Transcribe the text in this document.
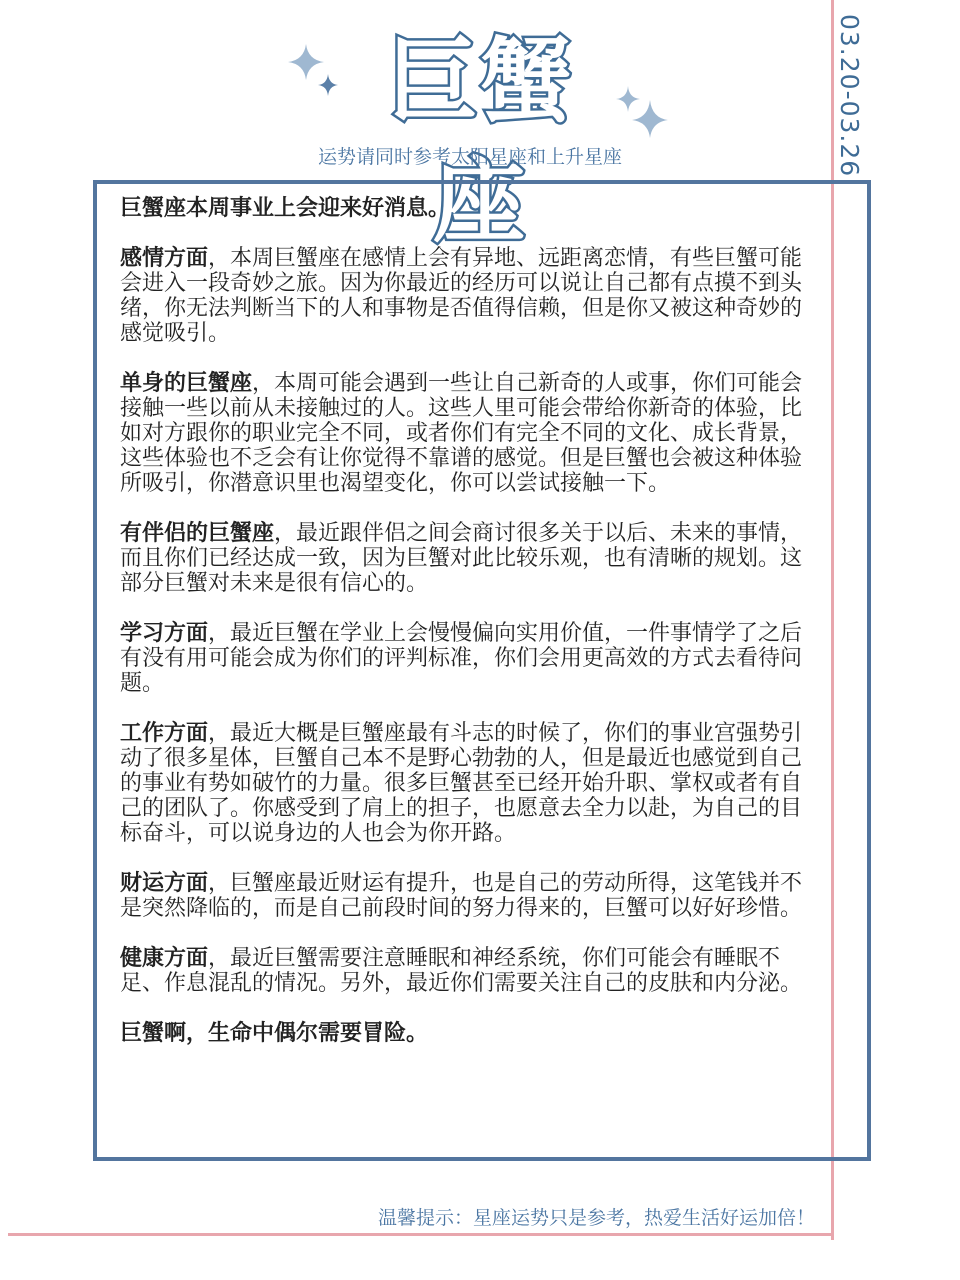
巨蟹座
运势请同时参考太阳星座和上升星座	03.20-03.26

巨蟹座本周事业上会迎来好消息。

感情方面，本周巨蟹座在感情上会有异地、远距离恋情，有些巨蟹可能会进入一段奇妙之旅。因为你最近的经历可以说让自己都有点摸不到头绪，你无法判断当下的人和事物是否值得信赖，但是你又被这种奇妙的感觉吸引。

单身的巨蟹座，本周可能会遇到一些让自己新奇的人或事，你们可能会接触一些以前从未接触过的人。这些人里可能会带给你新奇的体验，比如对方跟你的职业完全不同，或者你们有完全不同的文化、成长背景，这些体验也不乏会有让你觉得不靠谱的感觉。但是巨蟹也会被这种体验所吸引，你潜意识里也渴望变化，你可以尝试接触一下。

有伴侣的巨蟹座，最近跟伴侣之间会商讨很多关于以后、未来的事情，而且你们已经达成一致，因为巨蟹对此比较乐观，也有清晰的规划。这部分巨蟹对未来是很有信心的。

学习方面，最近巨蟹在学业上会慢慢偏向实用价值，一件事情学了之后有没有用可能会成为你们的评判标准，你们会用更高效的方式去看待问题。

工作方面，最近大概是巨蟹座最有斗志的时候了，你们的事业宫强势引动了很多星体，巨蟹自己本不是野心勃勃的人，但是最近也感觉到自己的事业有势如破竹的力量。很多巨蟹甚至已经开始升职、掌权或者有自己的团队了。你感受到了肩上的担子，也愿意去全力以赴，为自己的目标奋斗，可以说身边的人也会为你开路。

财运方面，巨蟹座最近财运有提升，也是自己的劳动所得，这笔钱并不是突然降临的，而是自己前段时间的努力得来的，巨蟹可以好好珍惜。

健康方面，最近巨蟹需要注意睡眠和神经系统，你们可能会有睡眠不足、作息混乱的情况。另外，最近你们需要关注自己的皮肤和内分泌。

巨蟹啊，生命中偶尔需要冒险。

温馨提示：星座运势只是参考，热爱生活好运加倍！
